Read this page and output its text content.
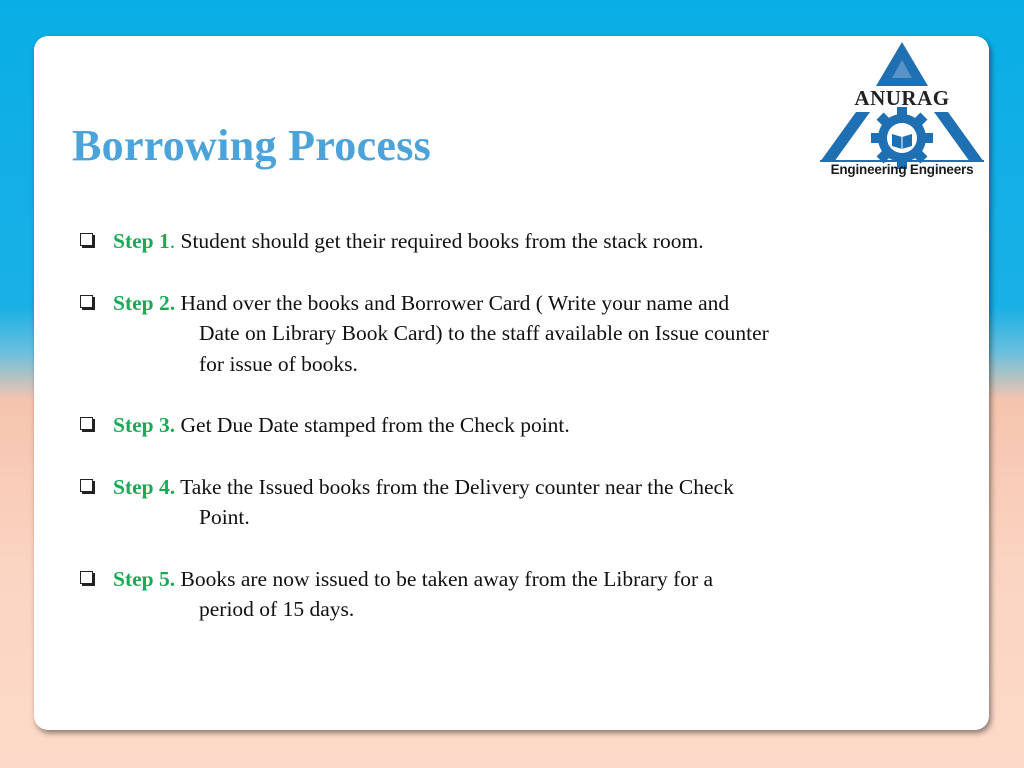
Borrowing Process
ANURAG
Engineering Engineers
Step 1. Student should get their required books from the stack room.
Step 2. Hand over the books and Borrower Card ( Write your name and
Date on Library Book Card) to the staff available on Issue counter
for issue of books.
Step 3. Get Due Date stamped from the Check point.
Step 4. Take the Issued books from the Delivery counter near the Check
Point.
Step 5. Books are now issued to be taken away from the Library for a
period of 15 days.
